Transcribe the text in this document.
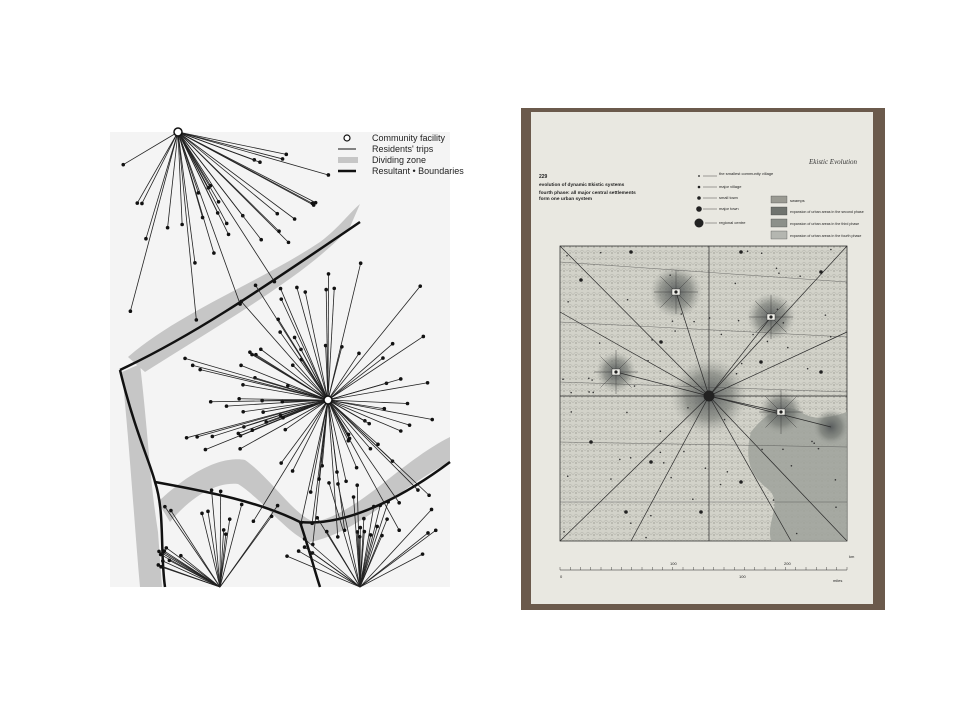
Community facility
Residents' trips
Dividing zone
Resultant • Boundaries
Ekistic Evolution
229
evolution of dynamic Ekistic systems
fourth phase: all major central settlements
form one urban system
the smallest community village
major village
small town
major town
regional centre
swamps
expansion of urban areas in the second phase
expansion of urban areas in the third phase
expansion of urban areas in the fourth phase
100	200
km
0	100
miles
